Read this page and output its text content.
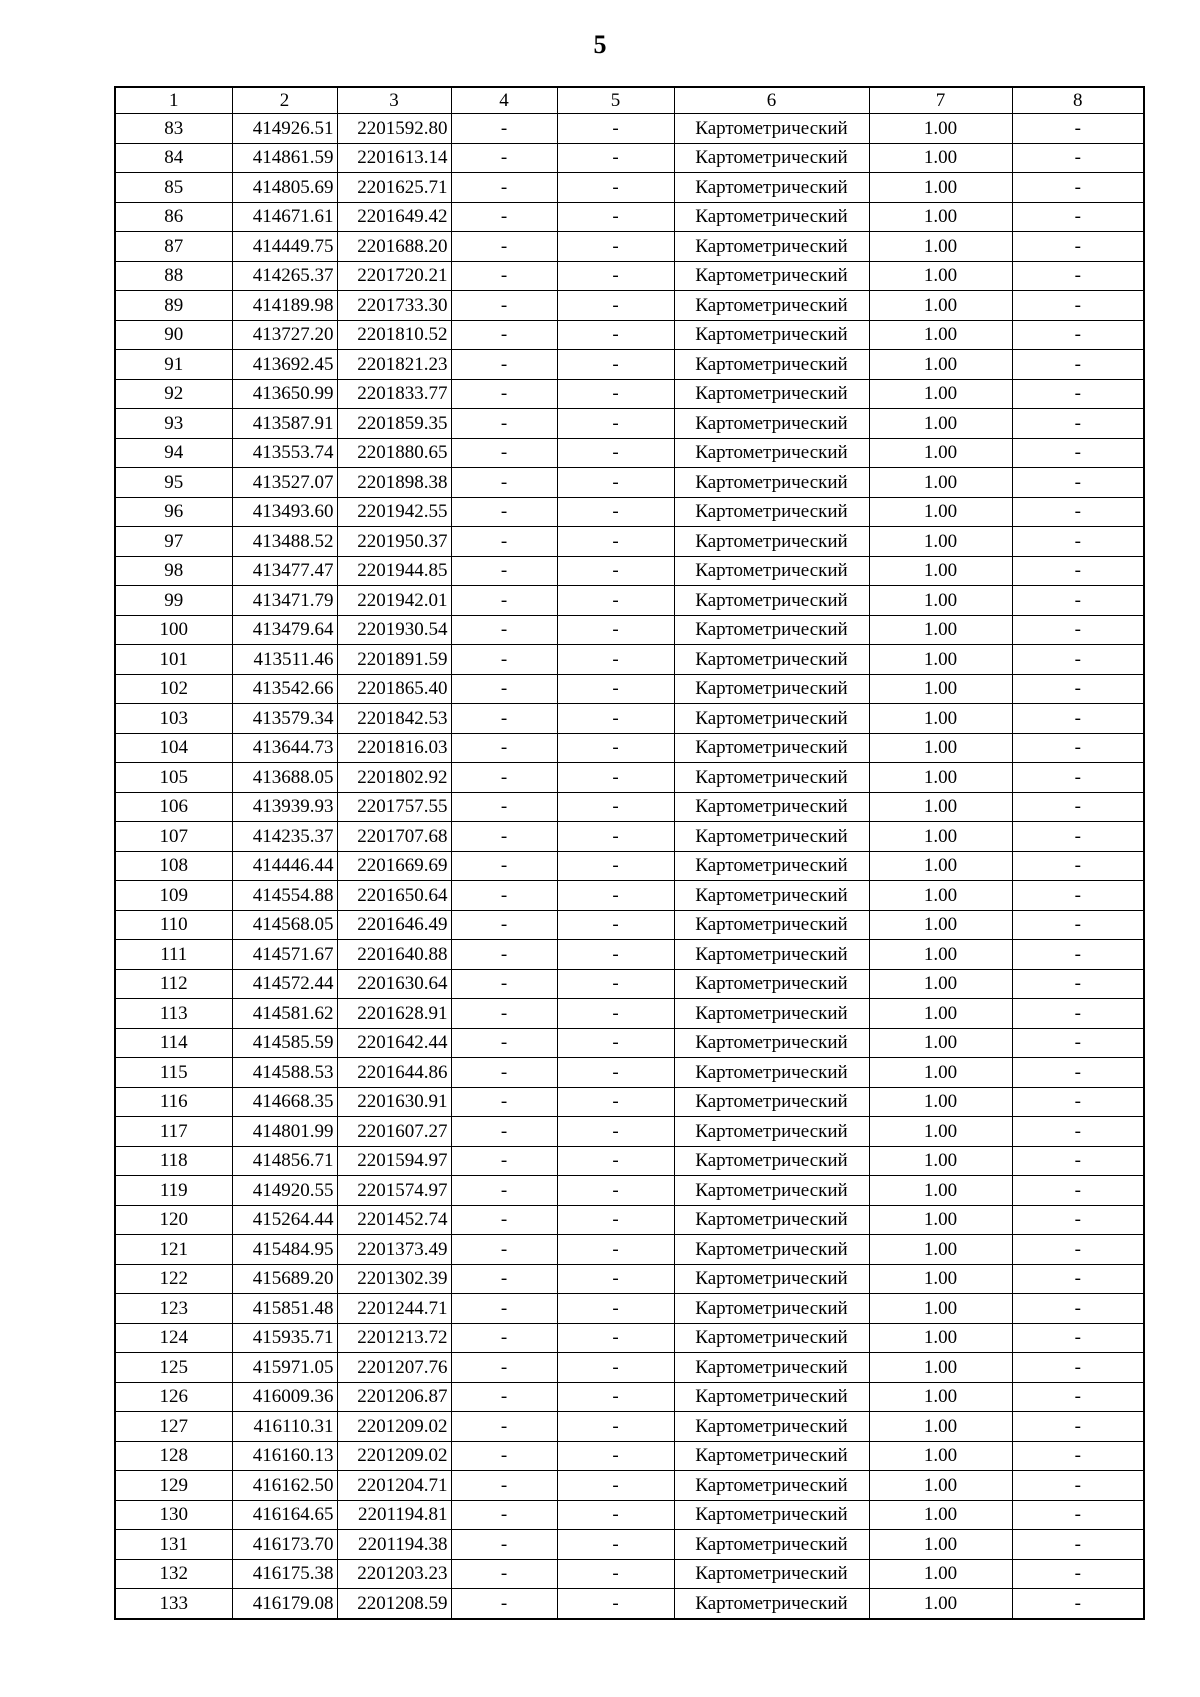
5
1	2	3	4	5	6	7	8
83	414926.51	2201592.80	-	-	Картометрический	1.00	-
84	414861.59	2201613.14	-	-	Картометрический	1.00	-
85	414805.69	2201625.71	-	-	Картометрический	1.00	-
86	414671.61	2201649.42	-	-	Картометрический	1.00	-
87	414449.75	2201688.20	-	-	Картометрический	1.00	-
88	414265.37	2201720.21	-	-	Картометрический	1.00	-
89	414189.98	2201733.30	-	-	Картометрический	1.00	-
90	413727.20	2201810.52	-	-	Картометрический	1.00	-
91	413692.45	2201821.23	-	-	Картометрический	1.00	-
92	413650.99	2201833.77	-	-	Картометрический	1.00	-
93	413587.91	2201859.35	-	-	Картометрический	1.00	-
94	413553.74	2201880.65	-	-	Картометрический	1.00	-
95	413527.07	2201898.38	-	-	Картометрический	1.00	-
96	413493.60	2201942.55	-	-	Картометрический	1.00	-
97	413488.52	2201950.37	-	-	Картометрический	1.00	-
98	413477.47	2201944.85	-	-	Картометрический	1.00	-
99	413471.79	2201942.01	-	-	Картометрический	1.00	-
100	413479.64	2201930.54	-	-	Картометрический	1.00	-
101	413511.46	2201891.59	-	-	Картометрический	1.00	-
102	413542.66	2201865.40	-	-	Картометрический	1.00	-
103	413579.34	2201842.53	-	-	Картометрический	1.00	-
104	413644.73	2201816.03	-	-	Картометрический	1.00	-
105	413688.05	2201802.92	-	-	Картометрический	1.00	-
106	413939.93	2201757.55	-	-	Картометрический	1.00	-
107	414235.37	2201707.68	-	-	Картометрический	1.00	-
108	414446.44	2201669.69	-	-	Картометрический	1.00	-
109	414554.88	2201650.64	-	-	Картометрический	1.00	-
110	414568.05	2201646.49	-	-	Картометрический	1.00	-
111	414571.67	2201640.88	-	-	Картометрический	1.00	-
112	414572.44	2201630.64	-	-	Картометрический	1.00	-
113	414581.62	2201628.91	-	-	Картометрический	1.00	-
114	414585.59	2201642.44	-	-	Картометрический	1.00	-
115	414588.53	2201644.86	-	-	Картометрический	1.00	-
116	414668.35	2201630.91	-	-	Картометрический	1.00	-
117	414801.99	2201607.27	-	-	Картометрический	1.00	-
118	414856.71	2201594.97	-	-	Картометрический	1.00	-
119	414920.55	2201574.97	-	-	Картометрический	1.00	-
120	415264.44	2201452.74	-	-	Картометрический	1.00	-
121	415484.95	2201373.49	-	-	Картометрический	1.00	-
122	415689.20	2201302.39	-	-	Картометрический	1.00	-
123	415851.48	2201244.71	-	-	Картометрический	1.00	-
124	415935.71	2201213.72	-	-	Картометрический	1.00	-
125	415971.05	2201207.76	-	-	Картометрический	1.00	-
126	416009.36	2201206.87	-	-	Картометрический	1.00	-
127	416110.31	2201209.02	-	-	Картометрический	1.00	-
128	416160.13	2201209.02	-	-	Картометрический	1.00	-
129	416162.50	2201204.71	-	-	Картометрический	1.00	-
130	416164.65	2201194.81	-	-	Картометрический	1.00	-
131	416173.70	2201194.38	-	-	Картометрический	1.00	-
132	416175.38	2201203.23	-	-	Картометрический	1.00	-
133	416179.08	2201208.59	-	-	Картометрический	1.00	-
